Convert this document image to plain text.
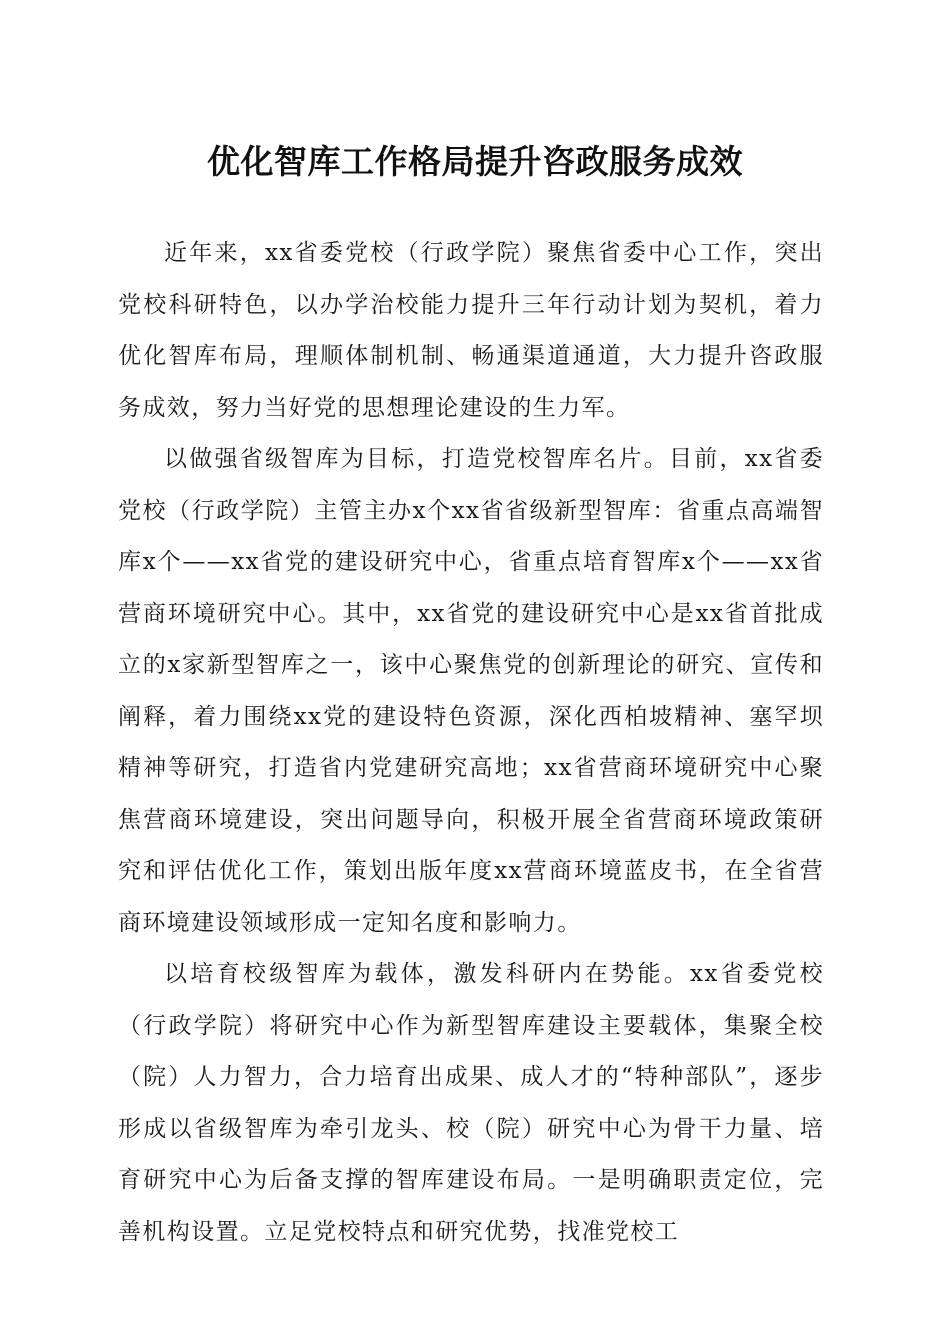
优化智库工作格局提升咨政服务成效

近年来，xx省委党校（行政学院）聚焦省委中心工作，突出党校科研特色，以办学治校能力提升三年行动计划为契机，着力优化智库布局，理顺体制机制、畅通渠道通道，大力提升咨政服务成效，努力当好党的思想理论建设的生力军。

以做强省级智库为目标，打造党校智库名片。目前，xx省委党校（行政学院）主管主办x个xx省省级新型智库：省重点高端智库x个——xx省党的建设研究中心，省重点培育智库x个——xx省营商环境研究中心。其中，xx省党的建设研究中心是xx省首批成立的x家新型智库之一，该中心聚焦党的创新理论的研究、宣传和阐释，着力围绕xx党的建设特色资源，深化西柏坡精神、塞罕坝精神等研究，打造省内党建研究高地；xx省营商环境研究中心聚焦营商环境建设，突出问题导向，积极开展全省营商环境政策研究和评估优化工作，策划出版年度xx营商环境蓝皮书，在全省营商环境建设领域形成一定知名度和影响力。

以培育校级智库为载体，激发科研内在势能。xx省委党校（行政学院）将研究中心作为新型智库建设主要载体，集聚全校（院）人力智力，合力培育出成果、成人才的“特种部队”，逐步形成以省级智库为牵引龙头、校（院）研究中心为骨干力量、培育研究中心为后备支撑的智库建设布局。一是明确职责定位，完善机构设置。立足党校特点和研究优势，找准党校工
